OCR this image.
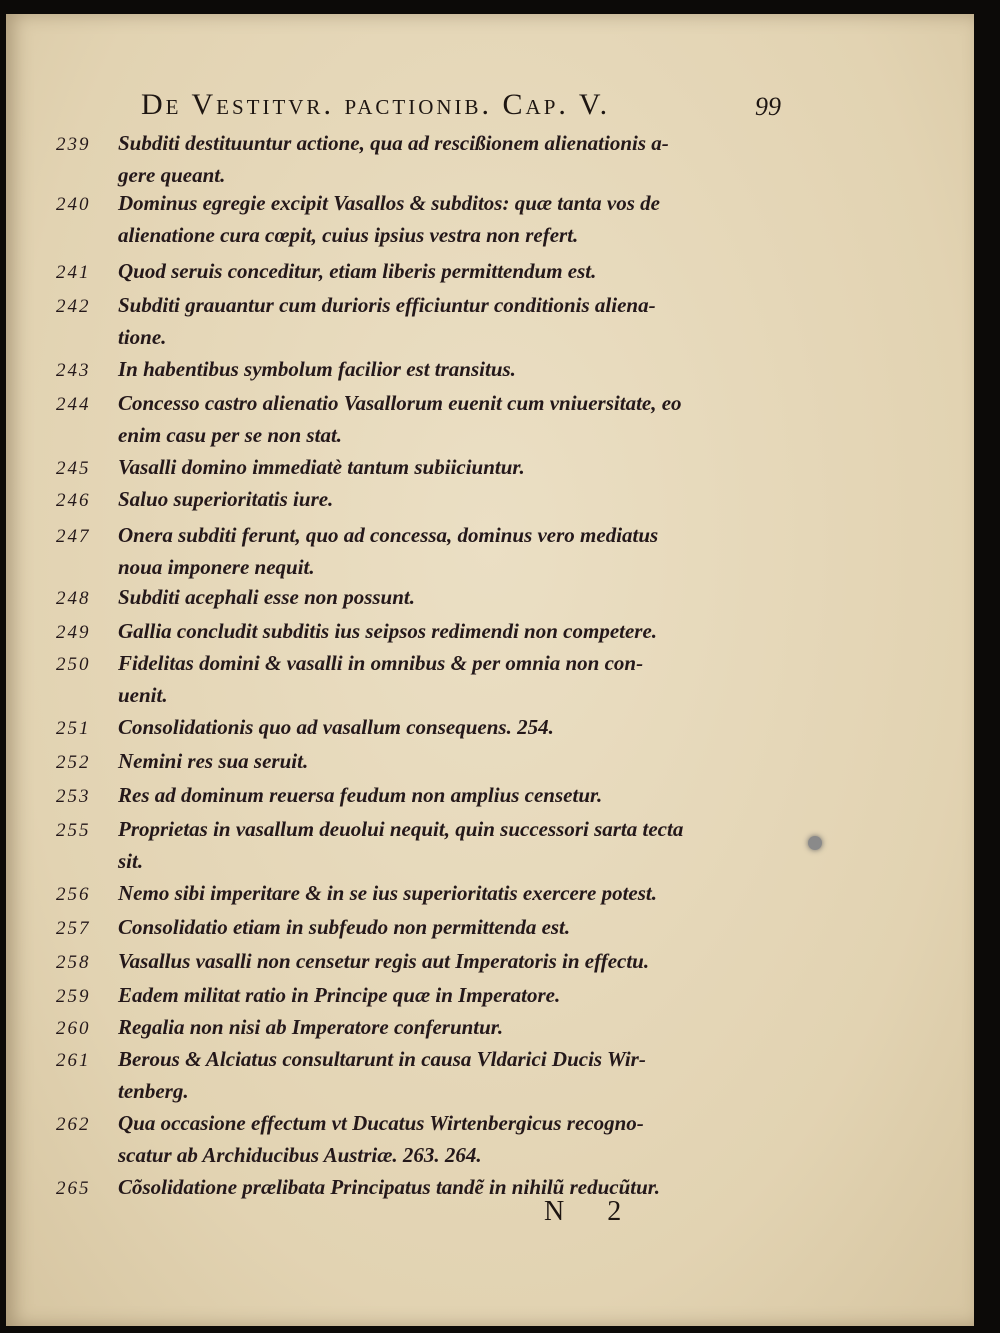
De Vestitvr. pactionib. Cap. V.	99
N 2
239 Subditi destituuntur actione, qua ad rescißionem alienationis a-
gere queant.
240 Dominus egregie excipit Vasallos & subditos: quæ tanta vos de
alienatione cura cœpit, cuius ipsius vestra non refert.
241 Quod seruis conceditur, etiam liberis permittendum est.
242 Subditi grauantur cum durioris efficiuntur conditionis aliena-
tione.
243 In habentibus symbolum facilior est transitus.
244 Concesso castro alienatio Vasallorum euenit cum vniuersitate, eo
enim casu per se non stat.
245 Vasalli domino immediatè tantum subiiciuntur.
246 Saluo superioritatis iure.
247 Onera subditi ferunt, quo ad concessa, dominus vero mediatus
noua imponere nequit.
248 Subditi acephali esse non possunt.
249 Gallia concludit subditis ius seipsos redimendi non competere.
250 Fidelitas domini & vasalli in omnibus & per omnia non con-
uenit.
251 Consolidationis quo ad vasallum consequens. 254.
252 Nemini res sua seruit.
253 Res ad dominum reuersa feudum non amplius censetur.
255 Proprietas in vasallum deuolui nequit, quin successori sarta tecta
sit.
256 Nemo sibi imperitare & in se ius superioritatis exercere potest.
257 Consolidatio etiam in subfeudo non permittenda est.
258 Vasallus vasalli non censetur regis aut Imperatoris in effectu.
259 Eadem militat ratio in Principe quæ in Imperatore.
260 Regalia non nisi ab Imperatore conferuntur.
261 Berous & Alciatus consultarunt in causa Vldarici Ducis Wir-
tenberg.
262 Qua occasione effectum vt Ducatus Wirtenbergicus recogno-
scatur ab Archiducibus Austriæ. 263. 264.
265 Cõsolidatione prælibata Principatus tandẽ in nihilũ reducũtur.
